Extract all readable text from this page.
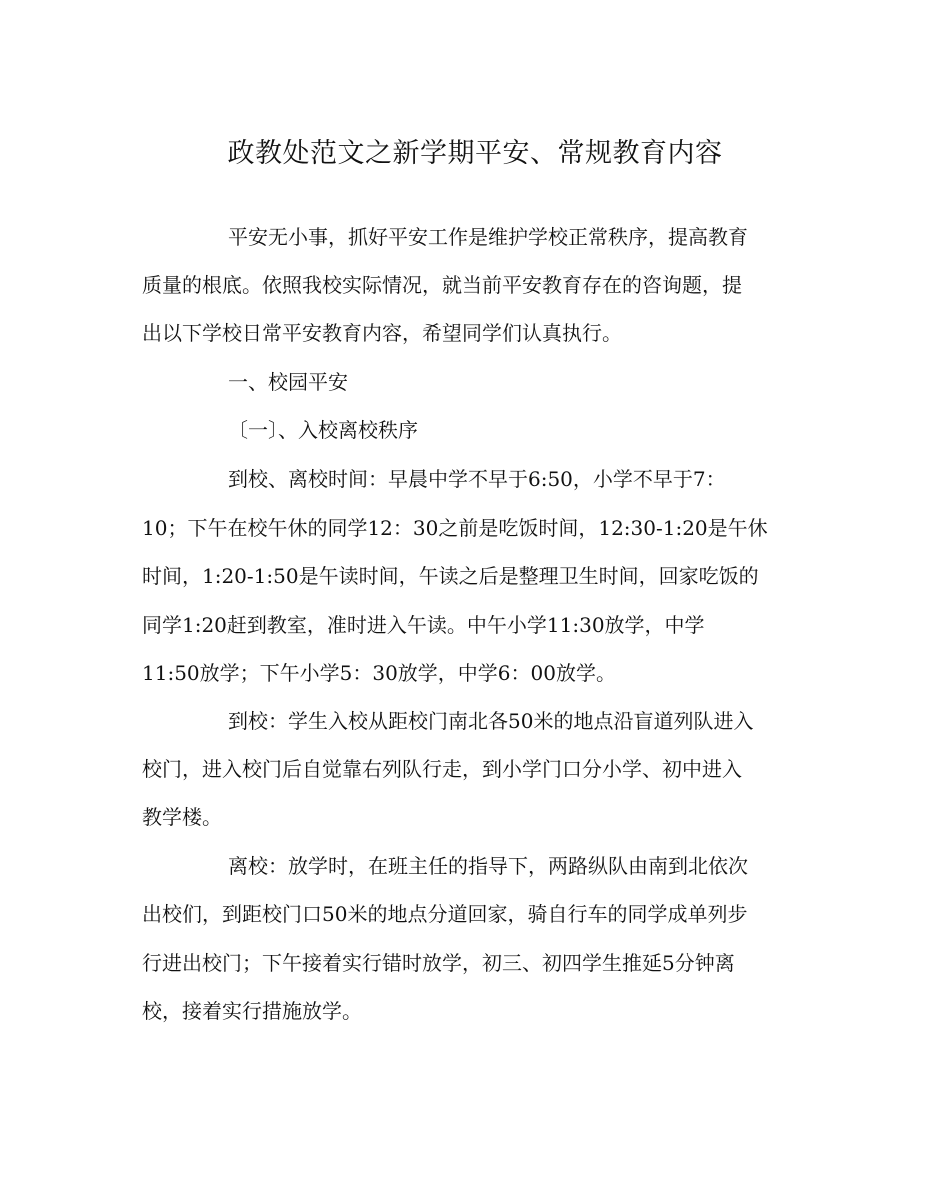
政教处范文之新学期平安、常规教育内容
平安无小事，抓好平安工作是维护学校正常秩序，提高教育
质量的根底。依照我校实际情况，就当前平安教育存在的咨询题，提
出以下学校日常平安教育内容，希望同学们认真执行。
一、校园平安
〔一〕、入校离校秩序
到校、离校时间：早晨中学不早于6:50，小学不早于7：
10；下午在校午休的同学12：30之前是吃饭时间，12:30-1:20是午休
时间，1:20-1:50是午读时间，午读之后是整理卫生时间，回家吃饭的
同学1:20赶到教室，准时进入午读。中午小学11:30放学，中学
11:50放学；下午小学5：30放学，中学6：00放学。
到校：学生入校从距校门南北各50米的地点沿盲道列队进入
校门，进入校门后自觉靠右列队行走，到小学门口分小学、初中进入
教学楼。
离校：放学时，在班主任的指导下，两路纵队由南到北依次
出校们，到距校门口50米的地点分道回家，骑自行车的同学成单列步
行进出校门；下午接着实行错时放学，初三、初四学生推延5分钟离
校，接着实行措施放学。
